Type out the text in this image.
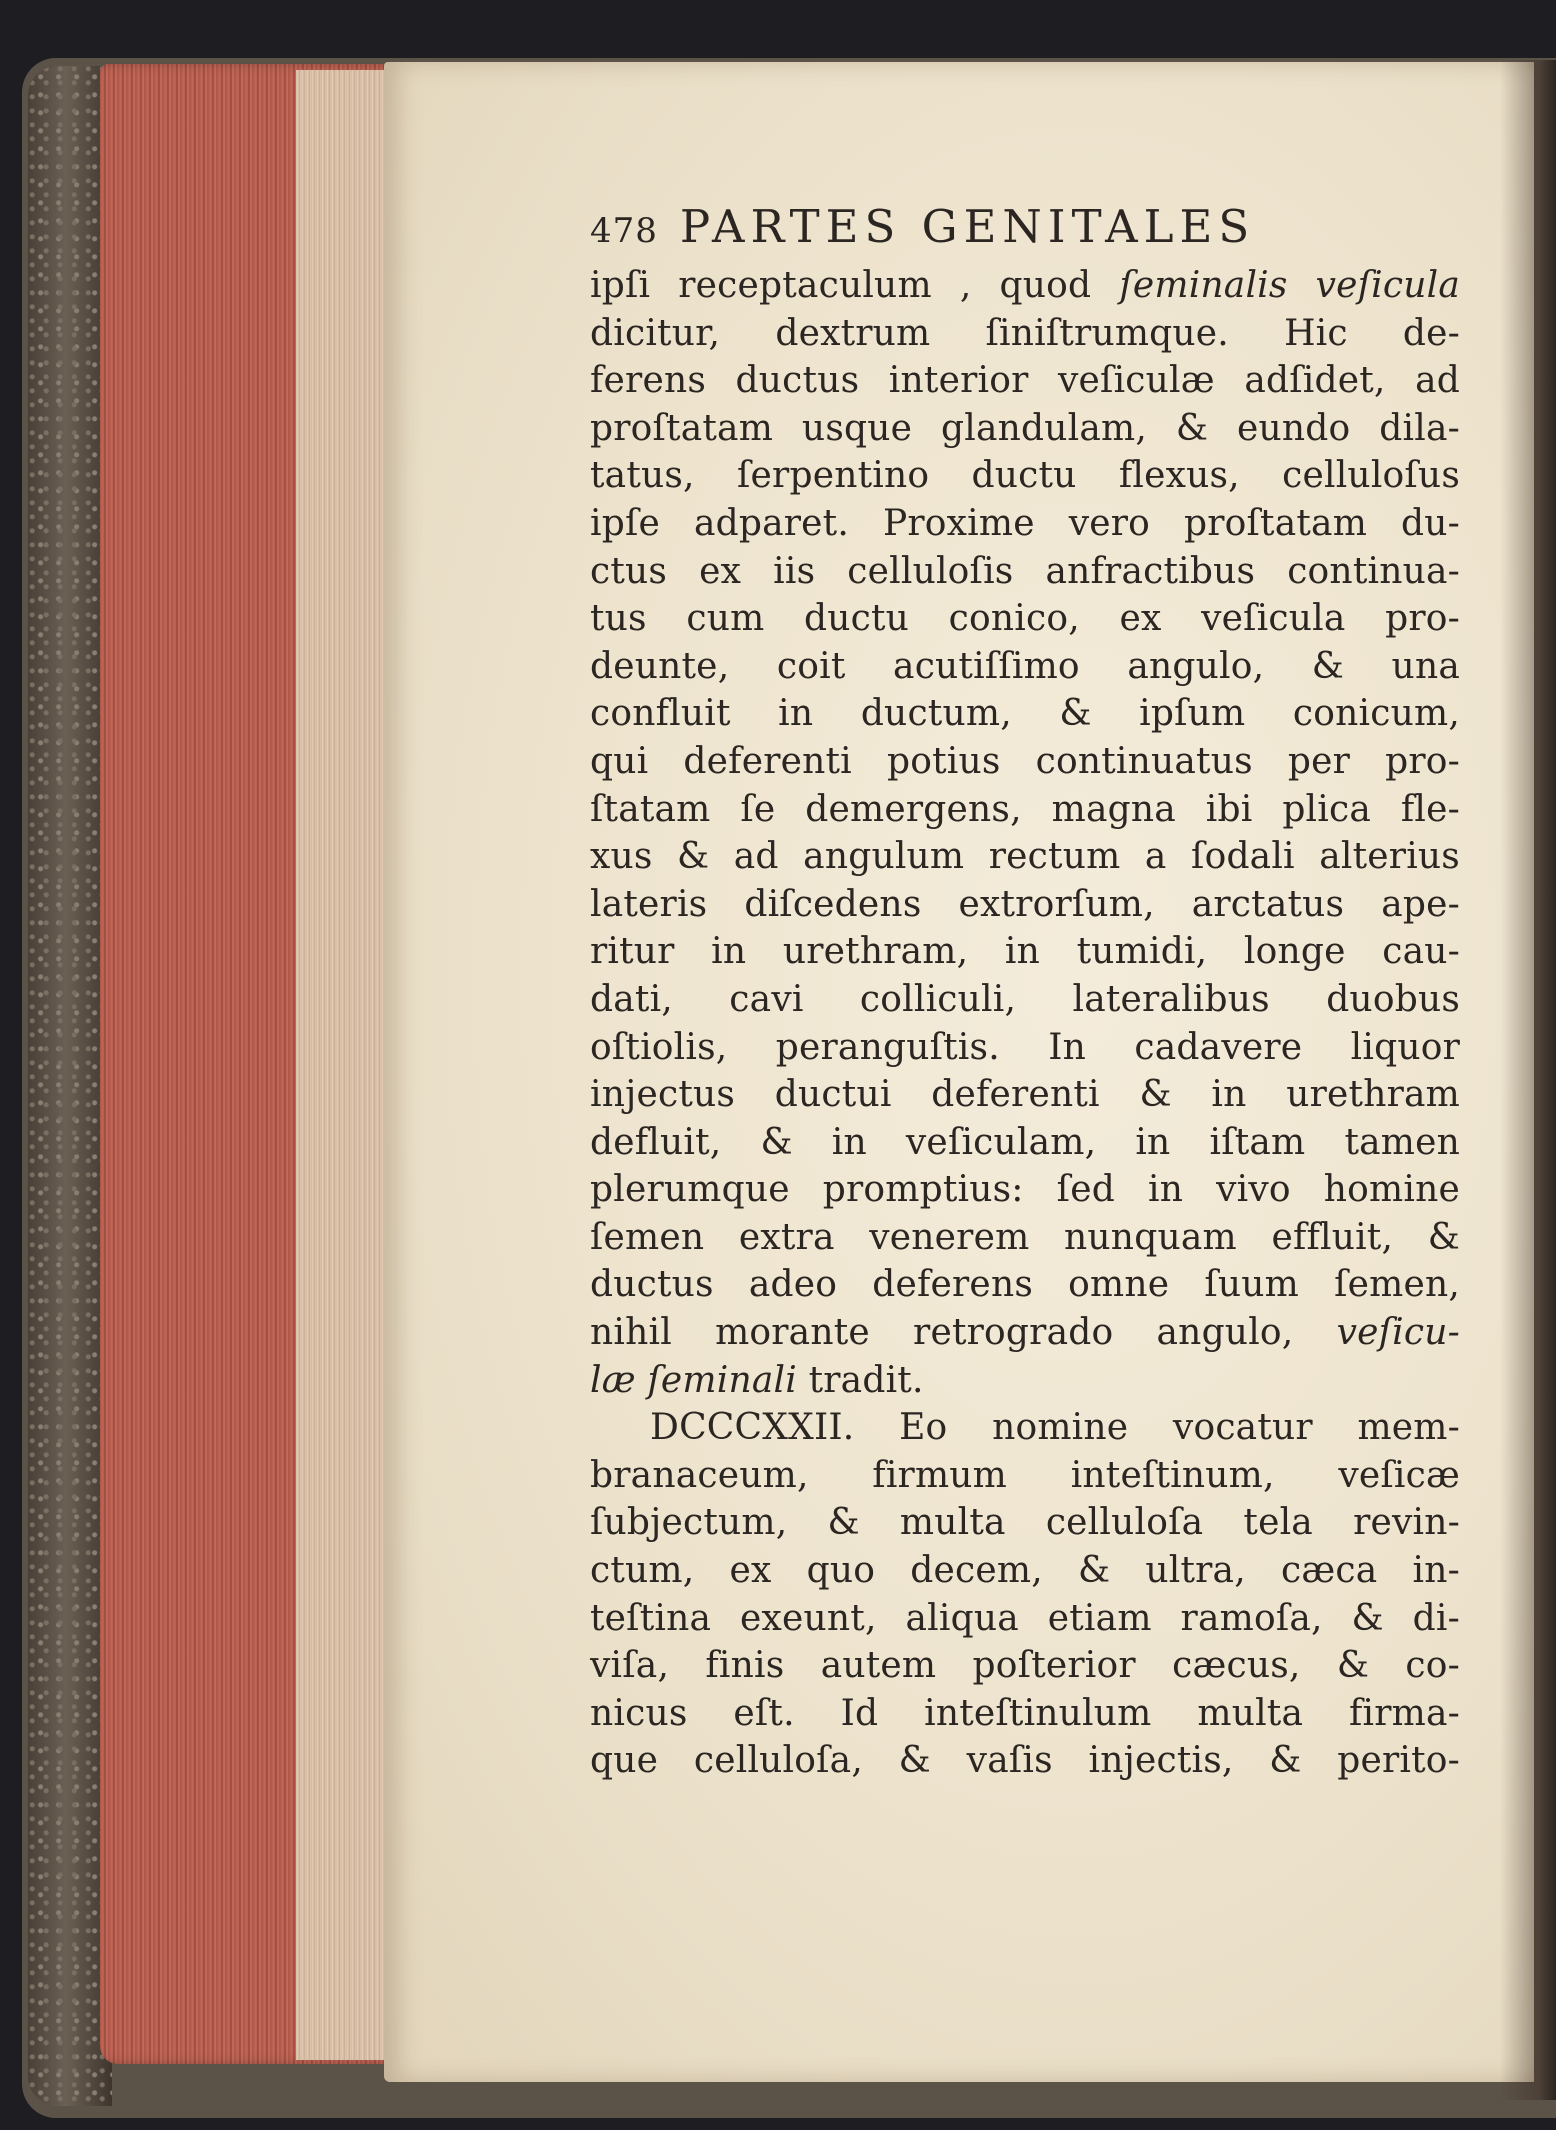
478 PARTES GENITALES
ipſi receptaculum , quod ſeminalis veſicula
dicitur, dextrum ſiniſtrumque. Hic de-
ferens ductus interior veſiculæ adſidet, ad
proſtatam usque glandulam, & eundo dila-
tatus, ſerpentino ductu flexus, celluloſus
ipſe adparet. Proxime vero proſtatam du-
ctus ex iis celluloſis anfractibus continua-
tus cum ductu conico, ex veſicula pro-
deunte, coit acutiſſimo angulo, & una
confluit in ductum, & ipſum conicum,
qui deferenti potius continuatus per pro-
ſtatam ſe demergens, magna ibi plica fle-
xus & ad angulum rectum a ſodali alterius
lateris diſcedens extrorſum, arctatus ape-
ritur in urethram, in tumidi, longe cau-
dati, cavi colliculi, lateralibus duobus
oſtiolis, peranguſtis. In cadavere liquor
injectus ductui deferenti & in urethram
defluit, & in veſiculam, in iſtam tamen
plerumque promptius: ſed in vivo homine
ſemen extra venerem nunquam effluit, &
ductus adeo deferens omne ſuum ſemen,
nihil morante retrogrado angulo, veſicu-
læ ſeminali tradit.
DCCCXXII. Eo nomine vocatur mem-
branaceum, firmum inteſtinum, veſicæ
ſubjectum, & multa celluloſa tela revin-
ctum, ex quo decem, & ultra, cæca in-
teſtina exeunt, aliqua etiam ramoſa, & di-
viſa, finis autem poſterior cæcus, & co-
nicus eſt. Id inteſtinulum multa firma-
que celluloſa, & vaſis injectis, & perito-
